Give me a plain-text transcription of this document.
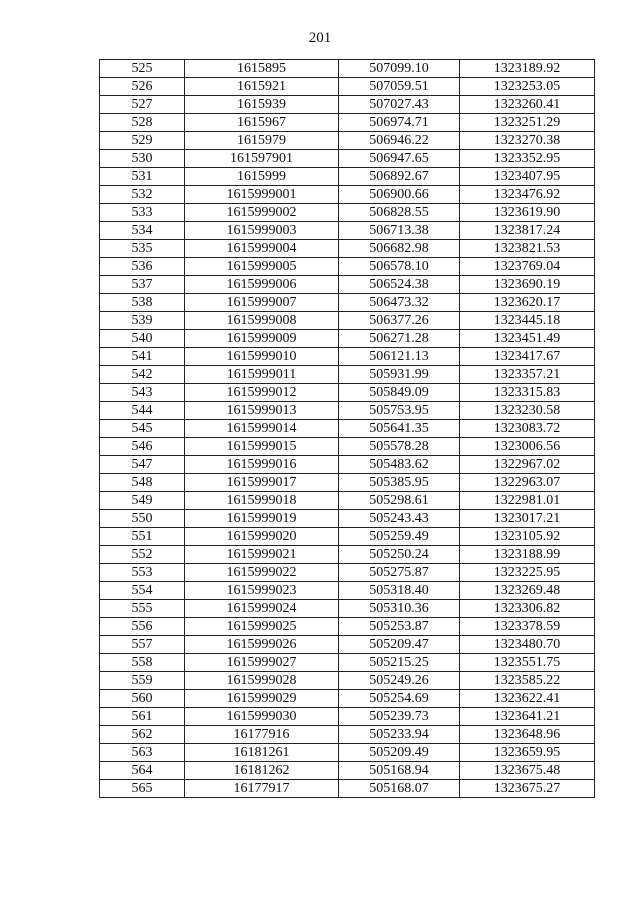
201
525	1615895	507099.10	1323189.92
526	1615921	507059.51	1323253.05
527	1615939	507027.43	1323260.41
528	1615967	506974.71	1323251.29
529	1615979	506946.22	1323270.38
530	161597901	506947.65	1323352.95
531	1615999	506892.67	1323407.95
532	1615999001	506900.66	1323476.92
533	1615999002	506828.55	1323619.90
534	1615999003	506713.38	1323817.24
535	1615999004	506682.98	1323821.53
536	1615999005	506578.10	1323769.04
537	1615999006	506524.38	1323690.19
538	1615999007	506473.32	1323620.17
539	1615999008	506377.26	1323445.18
540	1615999009	506271.28	1323451.49
541	1615999010	506121.13	1323417.67
542	1615999011	505931.99	1323357.21
543	1615999012	505849.09	1323315.83
544	1615999013	505753.95	1323230.58
545	1615999014	505641.35	1323083.72
546	1615999015	505578.28	1323006.56
547	1615999016	505483.62	1322967.02
548	1615999017	505385.95	1322963.07
549	1615999018	505298.61	1322981.01
550	1615999019	505243.43	1323017.21
551	1615999020	505259.49	1323105.92
552	1615999021	505250.24	1323188.99
553	1615999022	505275.87	1323225.95
554	1615999023	505318.40	1323269.48
555	1615999024	505310.36	1323306.82
556	1615999025	505253.87	1323378.59
557	1615999026	505209.47	1323480.70
558	1615999027	505215.25	1323551.75
559	1615999028	505249.26	1323585.22
560	1615999029	505254.69	1323622.41
561	1615999030	505239.73	1323641.21
562	16177916	505233.94	1323648.96
563	16181261	505209.49	1323659.95
564	16181262	505168.94	1323675.48
565	16177917	505168.07	1323675.27
